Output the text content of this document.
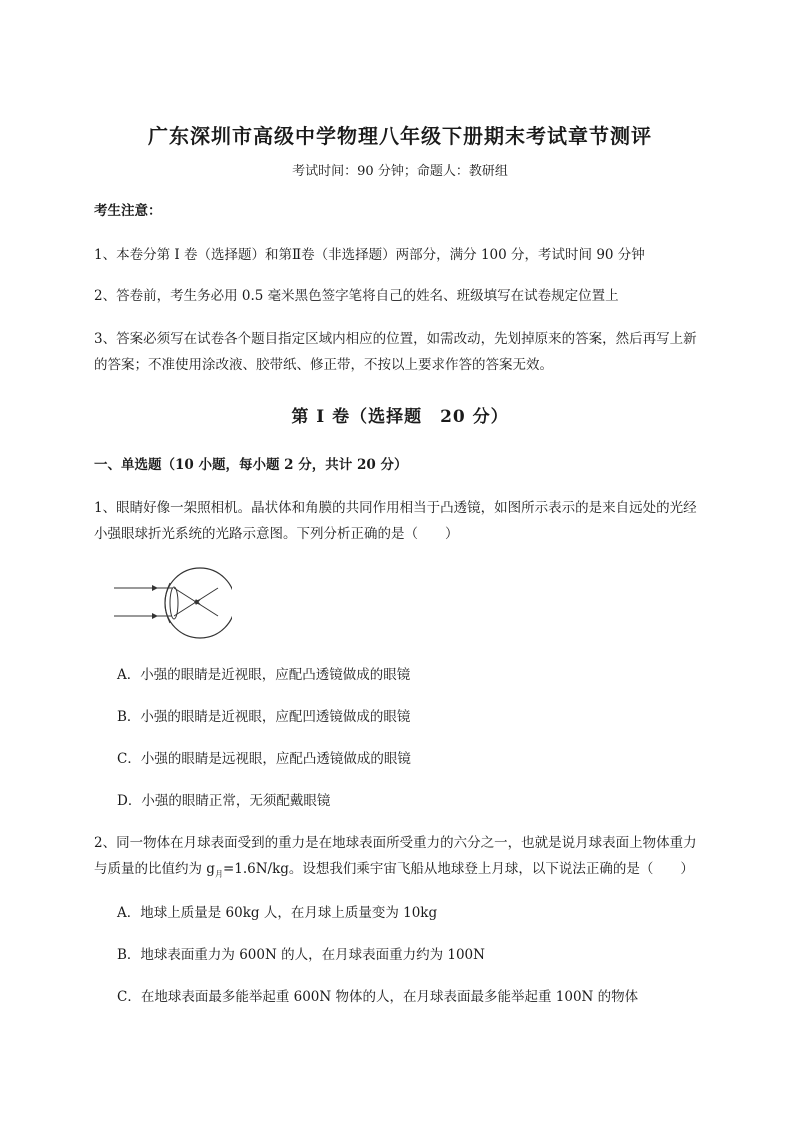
广东深圳市高级中学物理八年级下册期末考试章节测评
考试时间：90 分钟；命题人：教研组
考生注意：
1、本卷分第 I 卷（选择题）和第Ⅱ卷（非选择题）两部分，满分 100 分，考试时间 90 分钟
2、答卷前，考生务必用 0.5 毫米黑色签字笔将自己的姓名、班级填写在试卷规定位置上
3、答案必须写在试卷各个题目指定区域内相应的位置，如需改动，先划掉原来的答案，然后再写上新
的答案；不准使用涂改液、胶带纸、修正带，不按以上要求作答的答案无效。
第 I 卷（选择题　20 分）
一、单选题（10 小题，每小题 2 分，共计 20 分）
1、眼睛好像一架照相机。晶状体和角膜的共同作用相当于凸透镜，如图所示表示的是来自远处的光经
小强眼球折光系统的光路示意图。下列分析正确的是（　　）
A．小强的眼睛是近视眼，应配凸透镜做成的眼镜
B．小强的眼睛是近视眼，应配凹透镜做成的眼镜
C．小强的眼睛是远视眼，应配凸透镜做成的眼镜
D．小强的眼睛正常，无须配戴眼镜
2、同一物体在月球表面受到的重力是在地球表面所受重力的六分之一，也就是说月球表面上物体重力
与质量的比值约为 $g_月=1.6N/kg$。设想我们乘宇宙飞船从地球登上月球，以下说法正确的是（　　）
A．地球上质量是 60kg 人，在月球上质量变为 10kg
B．地球表面重力为 600N 的人，在月球表面重力约为 100N
C．在地球表面最多能举起重 600N 物体的人，在月球表面最多能举起重 100N 的物体
